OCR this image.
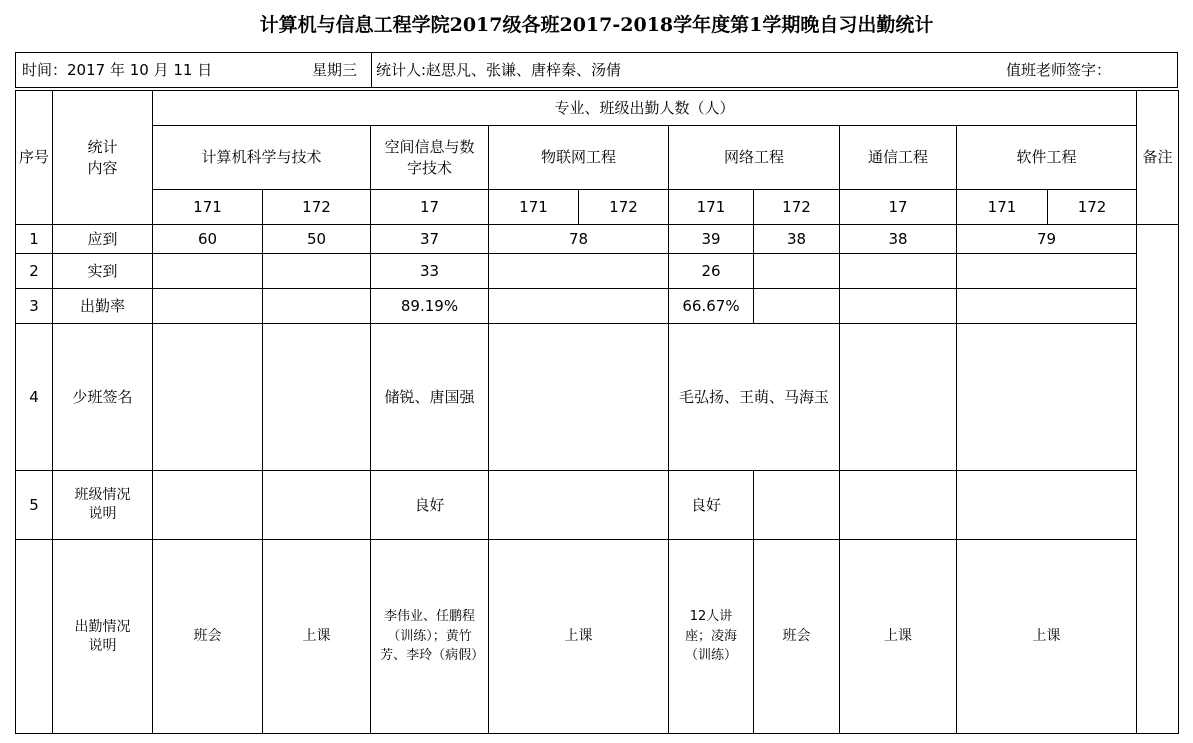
计算机与信息工程学院2017级各班2017-2018学年度第1学期晚自习出勤统计
时间：2017 年 10 月 11 日	星期三 统计人:赵思凡、张谦、唐梓秦、汤倩	值班老师签字：
序号	统计内容	专业、班级出勤人数（人）										备注
		计算机科学与技术		空间信息与数字技术	物联网工程		网络工程		通信工程	软件工程		
		171	172	17	171	172	171	172	17	171	172	
1	应到	60	50	37	78		39	38	38	79		
2	实到			33			26					
3	出勤率			89.19%			66.67%					
4	少班签名			储锐、唐国强			毛弘扬、王萌、马海玉					

5	班级情况说明			良好			良好					

	出勤情况说明	班会	上课	李伟业、任鹏程（训练）；黄竹芳、李玲（病假）	上课		12人讲座；凌海（训练）	班会	上课	上课		
